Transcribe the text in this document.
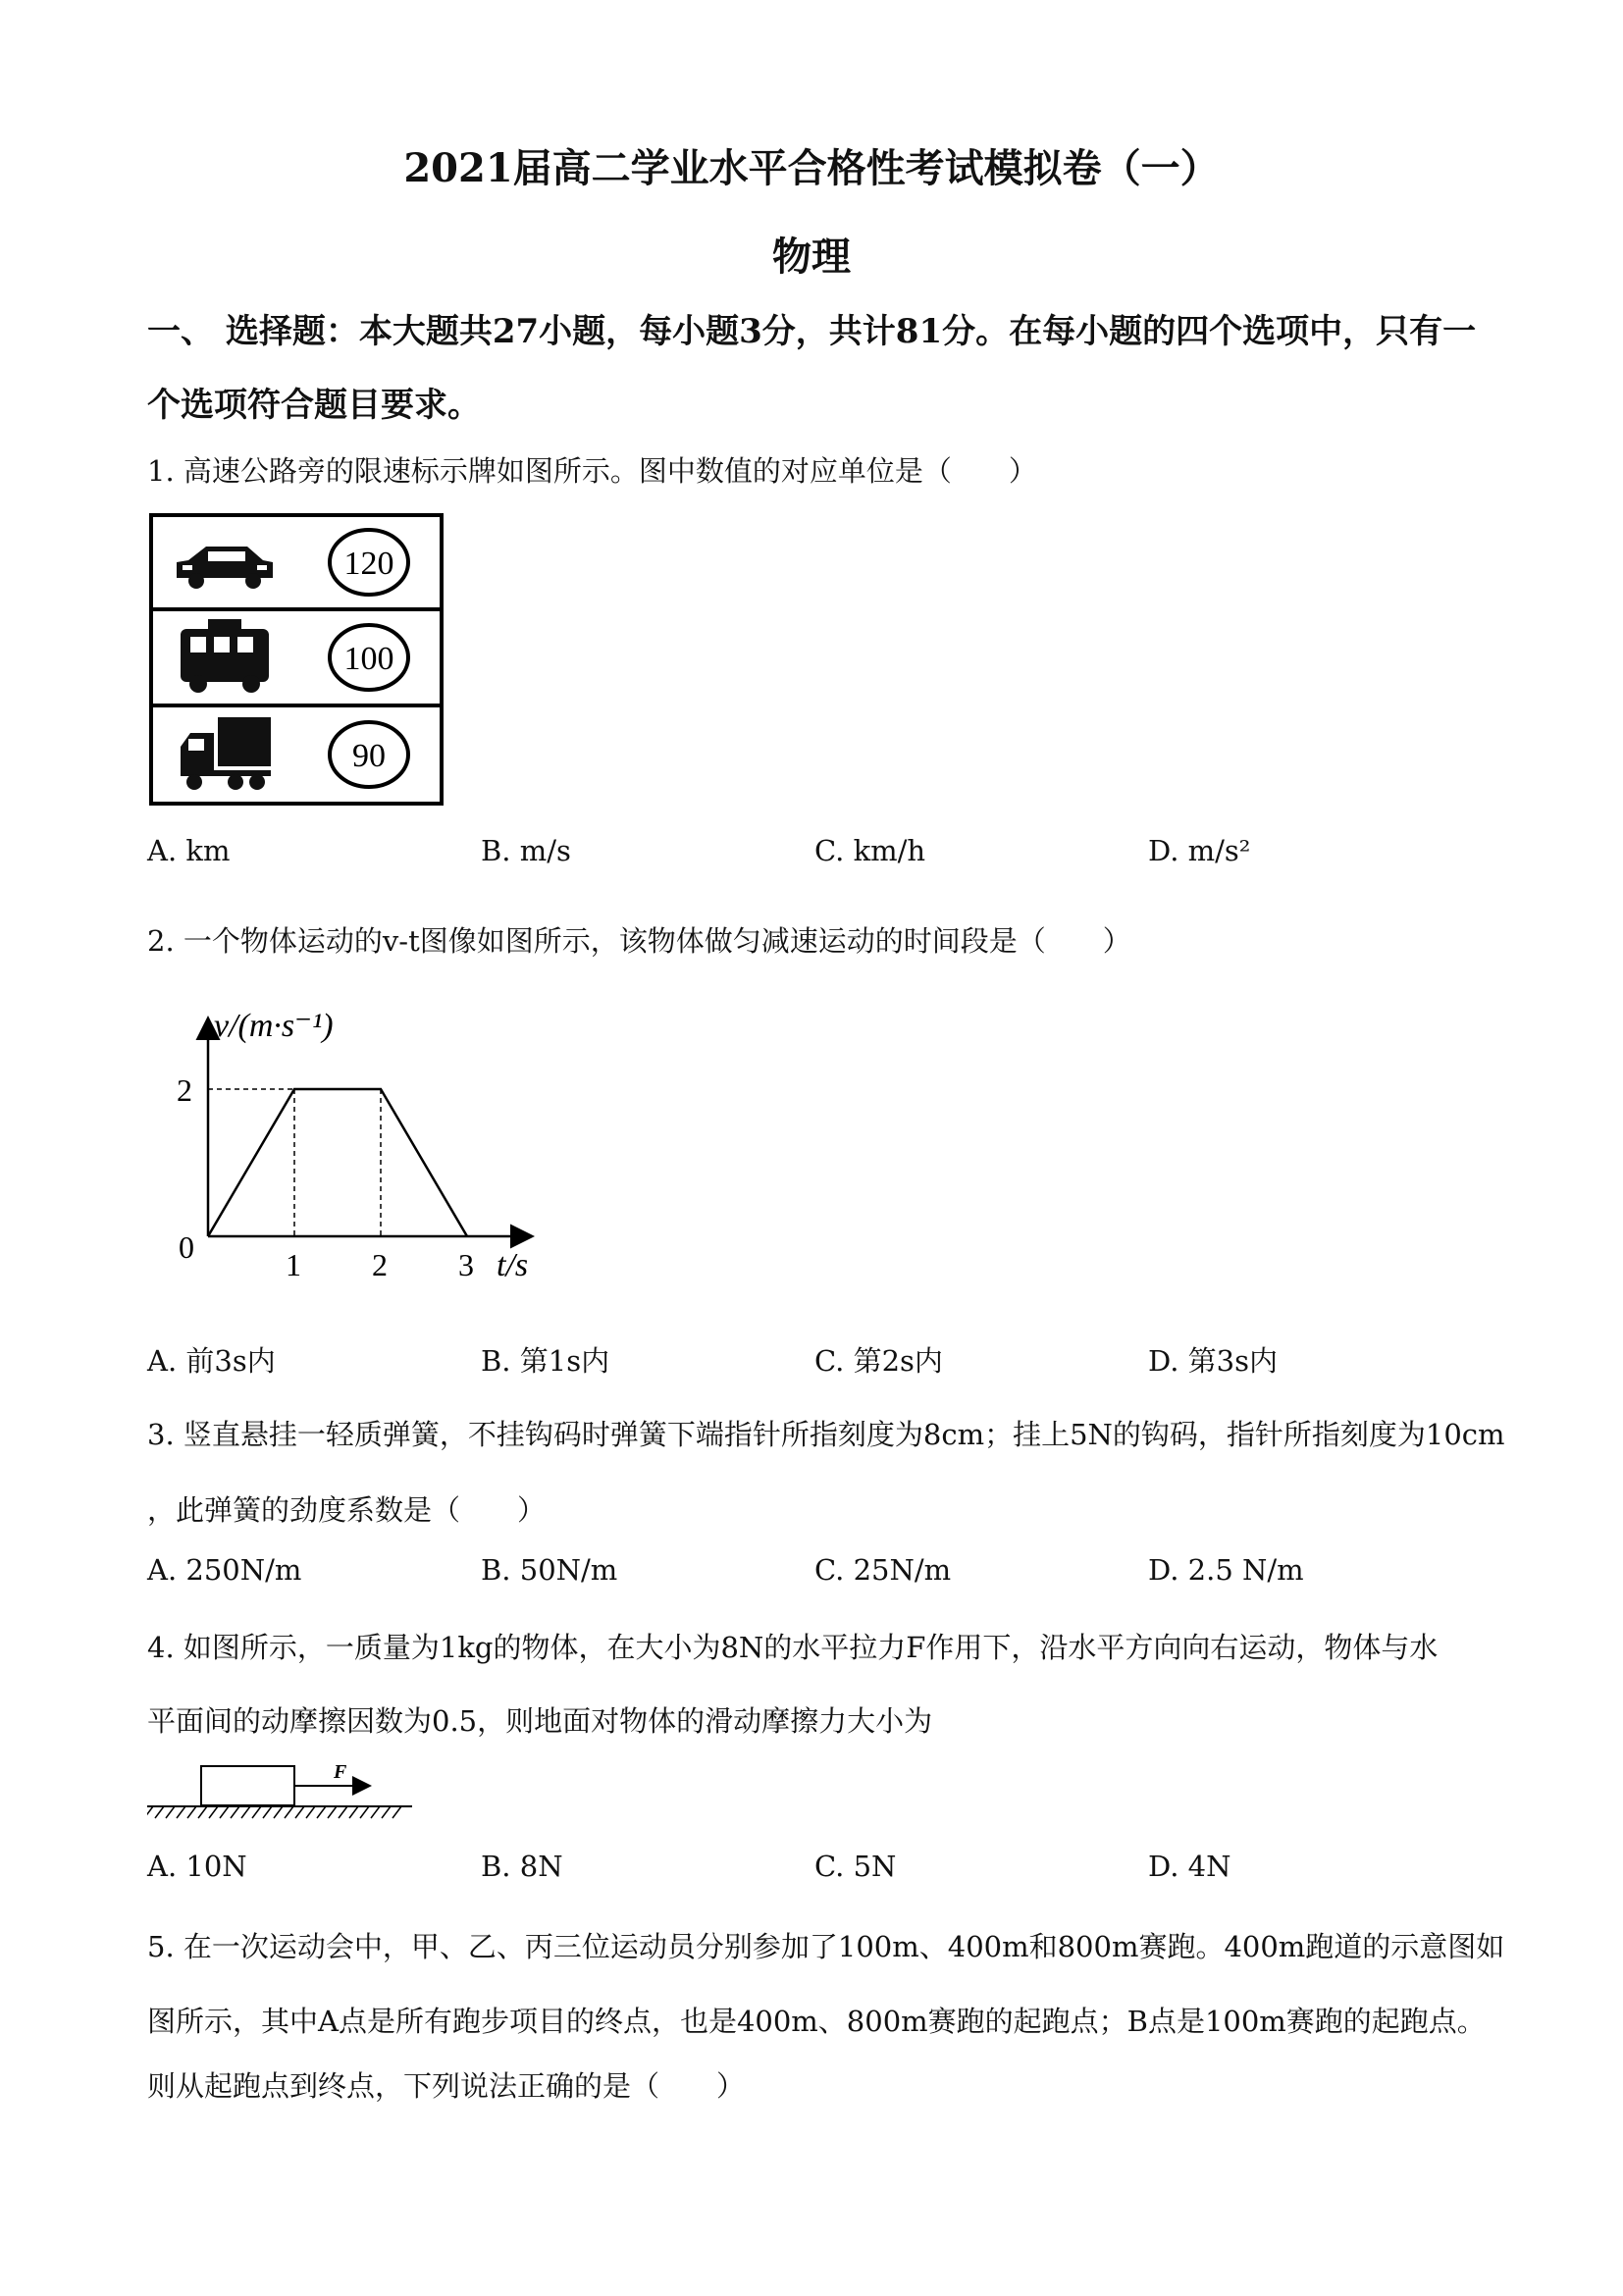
2021届高二学业水平合格性考试模拟卷（一）
物理
一、 选择题：本大题共27小题，每小题3分，共计81分。在每小题的四个选项中，只有一
个选项符合题目要求。
1. 高速公路旁的限速标示牌如图所示。图中数值的对应单位是（　　）
120
100
90
A. km	B. m/s	C. km/h	D. m/s²
2. 一个物体运动的v-t图像如图所示，该物体做匀减速运动的时间段是（　　）
v/(m·s⁻¹)
t/s
0	1 2 3
2
A. 前3s内	B. 第1s内	C. 第2s内	D. 第3s内
3. 竖直悬挂一轻质弹簧，不挂钩码时弹簧下端指针所指刻度为8cm；挂上5N的钩码，指针所指刻度为10cm
，此弹簧的劲度系数是（　　）
A. 250N/m	B. 50N/m	C. 25N/m	D. 2.5 N/m
4. 如图所示，一质量为1kg的物体，在大小为8N的水平拉力F作用下，沿水平方向向右运动，物体与水
平面间的动摩擦因数为0.5，则地面对物体的滑动摩擦力大小为
F
A. 10N	B. 8N	C. 5N	D. 4N
5. 在一次运动会中，甲、乙、丙三位运动员分别参加了100m、400m和800m赛跑。400m跑道的示意图如
图所示，其中A点是所有跑步项目的终点，也是400m、800m赛跑的起跑点；B点是100m赛跑的起跑点。
则从起跑点到终点，下列说法正确的是（　　）
